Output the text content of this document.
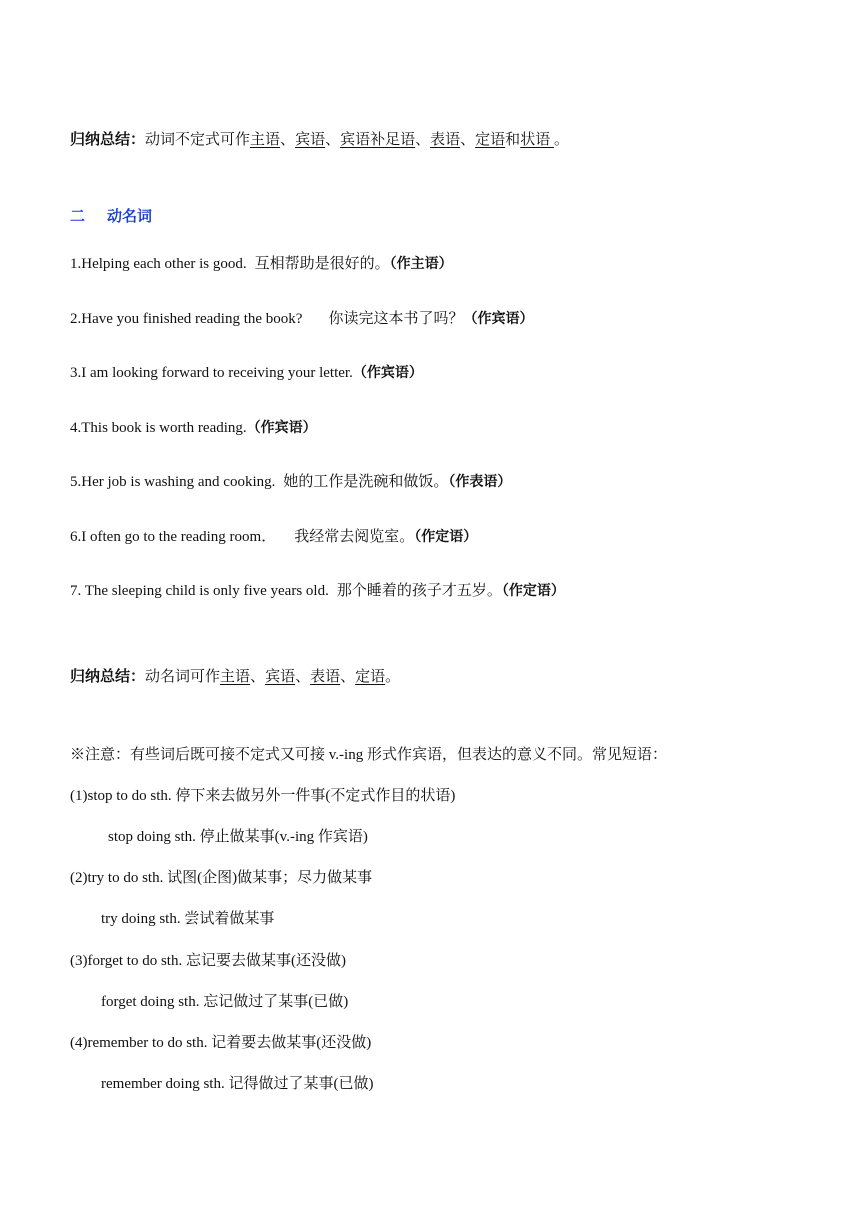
归纳总结：动词不定式可作主语、宾语、宾语补足语、表语、定语和状语 。
二 动名词
1.Helping each other is good. 互相帮助是很好的。（作主语）
2.Have you finished reading the book? 你读完这本书了吗？（作宾语）
3.I am looking forward to receiving your letter.（作宾语）
4.This book is worth reading.（作宾语）
5.Her job is washing and cooking. 她的工作是洗碗和做饭。（作表语）
6.I often go to the reading room． 我经常去阅览室。（作定语）
7. The sleeping child is only five years old. 那个睡着的孩子才五岁。（作定语）
归纳总结：动名词可作主语、宾语、表语、定语。
※注意：有些词后既可接不定式又可接 v.-ing 形式作宾语，但表达的意义不同。常见短语：
(1)stop to do sth. 停下来去做另外一件事(不定式作目的状语)
stop doing sth. 停止做某事(v.-ing 作宾语)
(2)try to do sth. 试图(企图)做某事；尽力做某事
try doing sth. 尝试着做某事
(3)forget to do sth. 忘记要去做某事(还没做)
forget doing sth. 忘记做过了某事(已做)
(4)remember to do sth. 记着要去做某事(还没做)
remember doing sth. 记得做过了某事(已做)
